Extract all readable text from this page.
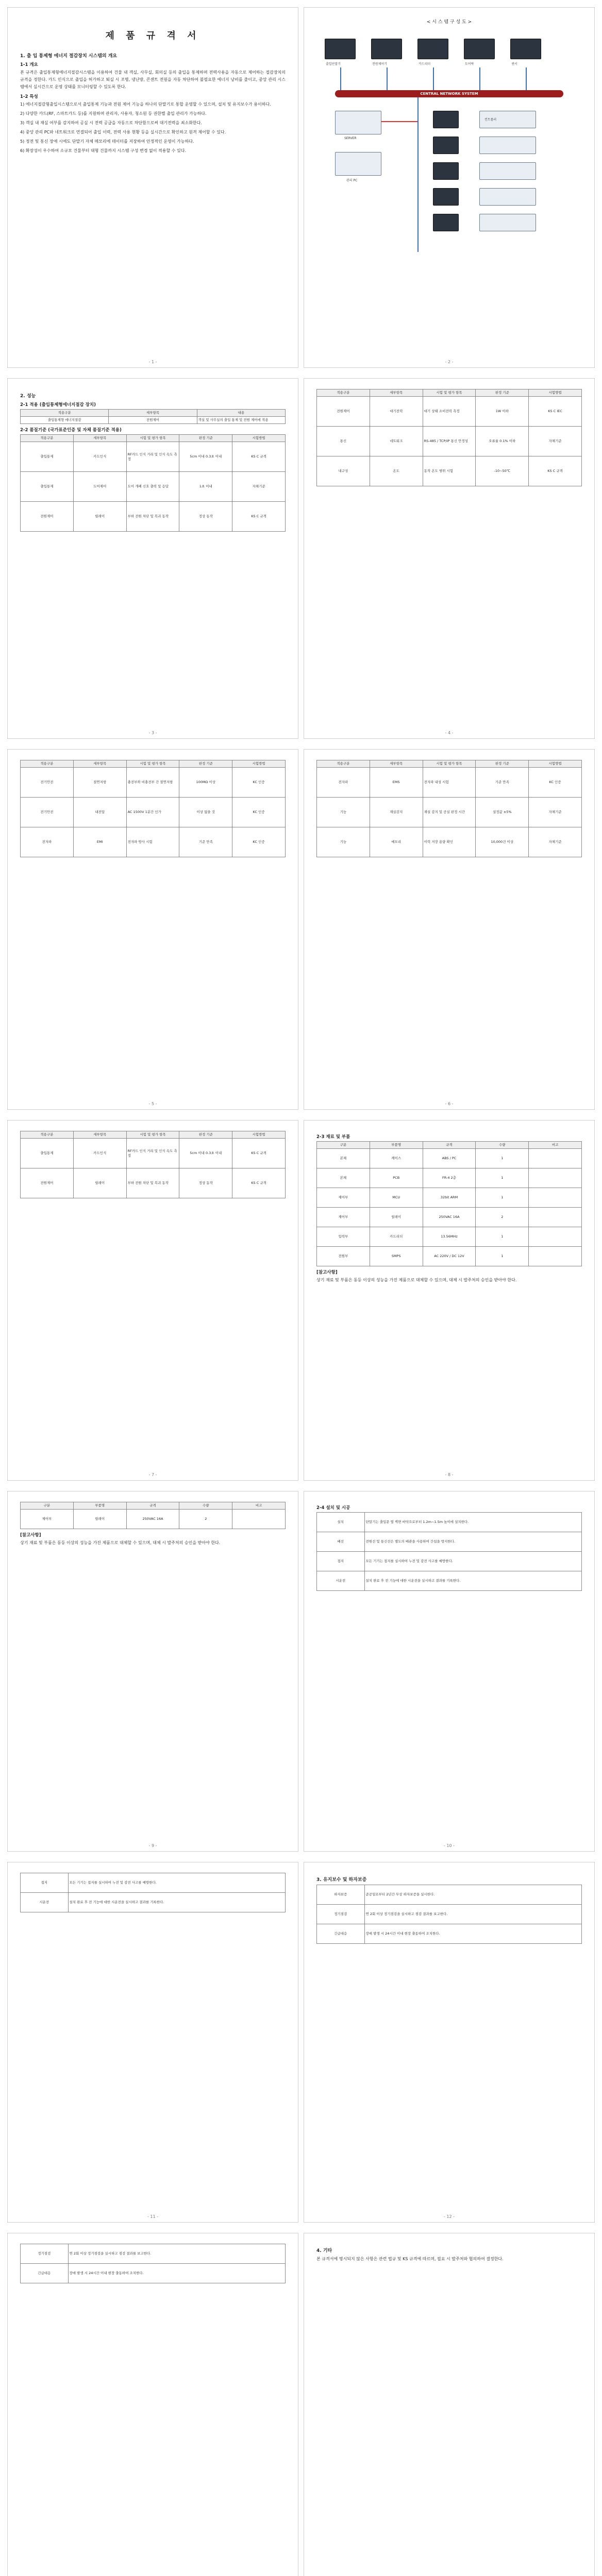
제 품 규 격 서
1. 출 입 통제형 에너지 절감장치 시스템의 개요
1-1 개요
본 규격은 출입통제형에너지절감시스템을 이용하여 건물 내 객실, 사무실, 회의실 등의 출입을 통제하며 전력사용을 자동으로 제어하는 절감장치의 규격을 정한다. 카드 인식으로 출입을 허가하고 퇴실 시 조명, 냉난방, 콘센트 전원을 자동 차단하여 불필요한 에너지 낭비를 줄이고, 중앙 관리 시스템에서 실시간으로 운영 상태를 모니터링할 수 있도록 한다.
1-2 특성
1) 에너지절감형출입시스템으로서 출입통제 기능과 전원 제어 기능을 하나의 단말기로 통합 운영할 수 있으며, 설치 및 유지보수가 용이하다.
2) 다양한 카드(RF, 스마트카드 등)를 지원하며 관리자, 사용자, 청소원 등 권한별 출입 관리가 가능하다.
3) 객실 내 재실 여부를 감지하여 공실 시 전력 공급을 자동으로 차단함으로써 대기전력을 최소화한다.
4) 중앙 관리 PC와 네트워크로 연결되어 출입 이력, 전력 사용 현황 등을 실시간으로 확인하고 원격 제어할 수 있다.
5) 정전 및 통신 장애 시에도 단말기 자체 메모리에 데이터를 저장하여 안정적인 운영이 가능하다.
6) 확장성이 우수하여 소규모 건물부터 대형 건물까지 시스템 구성 변경 없이 적용할 수 있다.
- 1 -
< 시 스 템 구 성 도 >
출입단말기	전원제어기	카드리더	도어락	센서
CENTRAL NETWORK SYSTEM
SERVER
관리 PC
컨트롤러
- 2 -
2. 성능
2-1 적용 (출입통제형에너지절감 장치)
적용구분	세부항목	내용
출입통제형 에너지절감	전원제어	객실 및 사무실의 출입 통제 및 전원 제어에 적용
2-2 품질기준 (국가표준인증 및 자체 품질기준 적용)
적용구분	세부항목	시험 및 평가 항목	판정 기준	시험방법
출입통제	카드인식	RF카드 인식 거리 및 인식 속도 측정	5cm 이내 0.3초 이내	KS C 규격
출입통제	도어제어	도어 개폐 신호 출력 및 응답	1초 이내	자체기준
전원제어	릴레이	부하 전원 차단 및 복귀 동작	정상 동작	KS C 규격
- 3 -
적용구분	세부항목	시험 및 평가 항목	판정 기준	시험방법
전원제어	대기전력	대기 상태 소비전력 측정	1W 이하	KS C IEC
통신	네트워크	RS-485 / TCP/IP 통신 안정성	오류율 0.1% 이하	자체기준
내구성	온도	동작 온도 범위 시험	-10~50℃	KS C 규격
- 4 -
적용구분	세부항목	시험 및 평가 항목	판정 기준	시험방법
전기안전	절연저항	충전부와 비충전부 간 절연저항	100MΩ 이상	KC 인증
전기안전	내전압	AC 1500V 1분간 인가	이상 없을 것	KC 인증
전자파	EMI	전자파 방사 시험	기준 만족	KC 인증
- 5 -
적용구분	세부항목	시험 및 평가 항목	판정 기준	시험방법
전자파	EMS	전자파 내성 시험	기준 만족	KC 인증
기능	재실감지	재실 감지 및 공실 판정 시간	설정값 ±5%	자체기준
기능	메모리	이력 저장 용량 확인	10,000건 이상	자체기준
- 6 -
적용구분	세부항목	시험 및 평가 항목	판정 기준	시험방법
출입통제	카드인식	RF카드 인식 거리 및 인식 속도 측정	5cm 이내 0.3초 이내	KS C 규격
전원제어	릴레이	부하 전원 차단 및 복귀 동작	정상 동작	KS C 규격
- 7 -
2-3 재료 및 부품
구분	부품명	규격	수량	비고
본체	케이스	ABS / PC	1	
본체	PCB	FR-4 2층	1	
제어부	MCU	32bit ARM	1	
제어부	릴레이	250VAC 16A	2	
입력부	카드리더	13.56MHz	1	
전원부	SMPS	AC 220V / DC 12V	1	
[참고사항]
상기 재료 및 부품은 동등 이상의 성능을 가진 제품으로 대체할 수 있으며, 대체 시 발주처의 승인을 받아야 한다.
- 8 -
구분	부품명	규격	수량	비고
제어부	릴레이	250VAC 16A	2	
[참고사항]
상기 재료 및 부품은 동등 이상의 성능을 가진 제품으로 대체할 수 있으며, 대체 시 발주처의 승인을 받아야 한다.
- 9 -
2-4 설치 및 시공
설치	단말기는 출입문 옆 벽면 바닥으로부터 1.2m~1.5m 높이에 설치한다.
배선	전원선 및 통신선은 별도의 배관을 사용하여 간섭을 방지한다.
접지	모든 기기는 접지를 실시하여 누전 및 감전 사고를 예방한다.
시운전	설치 완료 후 전 기능에 대한 시운전을 실시하고 결과를 기록한다.
- 10 -
접지	모든 기기는 접지를 실시하여 누전 및 감전 사고를 예방한다.
시운전	설치 완료 후 전 기능에 대한 시운전을 실시하고 결과를 기록한다.
- 11 -
3. 유지보수 및 하자보증
하자보증	준공일로부터 2년간 무상 하자보증을 실시한다.
정기점검	연 2회 이상 정기점검을 실시하고 점검 결과를 보고한다.
긴급대응	장애 발생 시 24시간 이내 현장 출동하여 조치한다.
- 12 -
정기점검	연 2회 이상 정기점검을 실시하고 점검 결과를 보고한다.
긴급대응	장애 발생 시 24시간 이내 현장 출동하여 조치한다.
4. 기타
본 규격서에 명시되지 않은 사항은 관련 법규 및 KS 규격에 따르며, 필요 시 발주처와 협의하여 결정한다.
